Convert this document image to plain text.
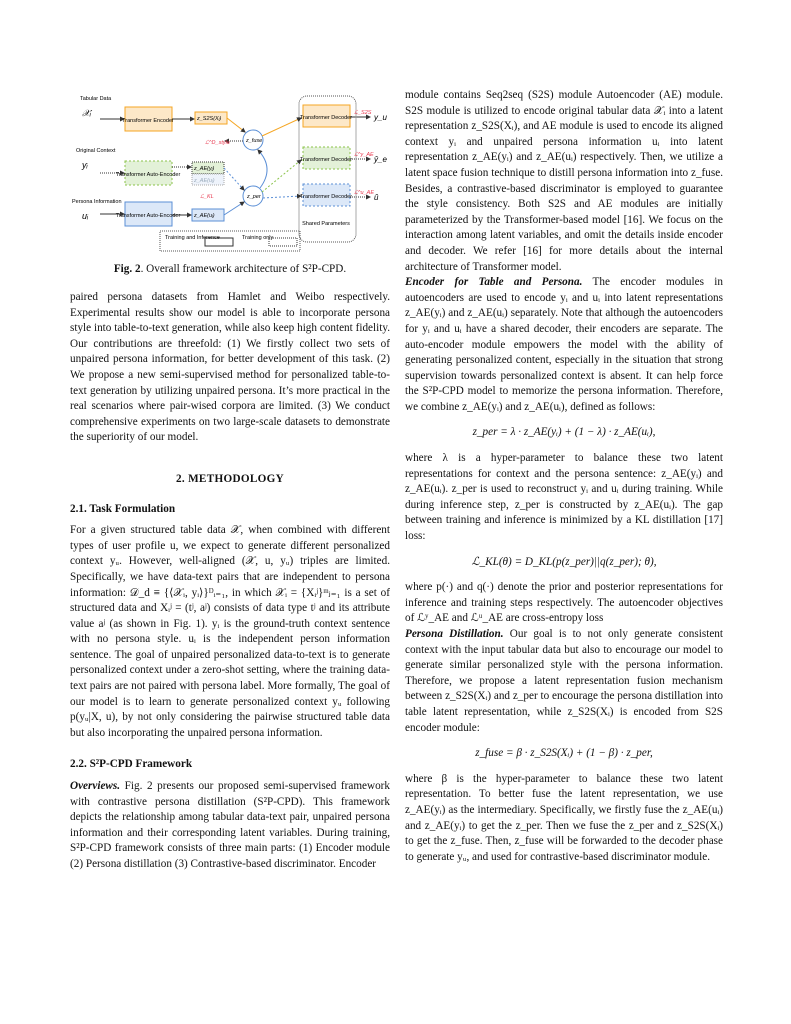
Tabular Data
𝒳ᵢ
Original Context
yᵢ
Persona Information
uᵢ
Transformer Encoder
Transformer Auto-Encoder
Transformer Auto-Encoder
z_S2S(Xᵢ)
z_AE(yᵢ)
z_AE(uᵢ)
z_AE(uᵢ)
z_fuse
z_per
ℒ^D_style
ℒ_KL
Transformer Decoder
Transformer Decoder
Transformer Decoder
Shared Parameters
ℒ_S2S
ℒ^y_AE
ℒ^u_AE
y_u
ŷ_e
û
Training and Inference	Training only
Fig. 2. Overall framework architecture of S²P-CPD.

paired persona datasets from Hamlet and Weibo respectively. Experimental results show our model is able to incorporate persona style into table-to-text generation, while also keep high content fidelity. Our contributions are threefold: (1) We firstly collect two sets of unpaired persona information, for better development of this task. (2) We propose a new semi-supervised method for personalized table-to-text generation by utilizing unpaired persona. It’s more practical in the real scenarios where pair-wised corpora are limited. (3) We conduct comprehensive experiments on two large-scale datasets to demonstrate the superiority of our model.

2. METHODOLOGY
2.1. Task Formulation

For a given structured table data 𝒳, when combined with different types of user profile u, we expect to generate different personalized context yᵤ. However, well-aligned (𝒳, u, yᵤ) triples are limited. Specifically, we have data-text pairs that are independent to persona information: 𝒟_d ≡ {⟨𝒳ᵢ, yᵢ⟩}ᴰᵢ₌₁, in which 𝒳ᵢ = {Xᵢʲ}ᵐⱼ₌₁ is a set of structured data and Xᵢʲ = (tʲ, aʲ) consists of data type tʲ and its attribute value aʲ (as shown in Fig. 1). yᵢ is the ground-truth context sentence with no persona style. uᵢ is the independent person information sentence. The goal of unpaired personalized data-to-text is to generate personalized context under a zero-shot setting, where the training data-text pairs are not paired with persona label. More formally, The goal of our model is to learn to generate personalized context yᵤ following p(yᵤ|X, u), by not only considering the pairwise structured table data but also incorporating the unpaired persona information.

2.2. S²P-CPD Framework

Overviews. Fig. 2 presents our proposed semi-supervised framework with contrastive persona distillation (S²P-CPD). This framework depicts the relationship among tabular data-text pair, unpaired persona information and their corresponding latent variables. During training, S²P-CPD framework consists of three main parts: (1) Encoder module (2) Persona distillation (3) Contrastive-based discriminator. Encoder

module contains Seq2seq (S2S) module Autoencoder (AE) module. S2S module is utilized to encode original tabular data 𝒳ᵢ into a latent representation z_S2S(Xᵢ), and AE module is used to encode its aligned context yᵢ and unpaired persona information uᵢ into latent representation z_AE(yᵢ) and z_AE(uᵢ) respectively. Then, we utilize a latent space fusion technique to distill persona information into z_fuse. Besides, a contrastive-based discriminator is employed to guarantee the style consistency. Both S2S and AE modules are initially parameterized by the Transformer-based model [16]. We focus on the interaction among latent variables, and omit the details inside encoder and decoder. We refer [16] for more details about the internal architecture of Transformer model.

Encoder for Table and Persona. The encoder modules in autoencoders are used to encode yᵢ and uᵢ into latent representations z_AE(yᵢ) and z_AE(uᵢ) separately. Note that although the autoencoders for yᵢ and uᵢ have a shared decoder, their encoders are separate. The auto-encoder module empowers the model with the ability of generating personalized content, especially in the situation that strong supervision towards personalized context is absent. It can help force the S²P-CPD model to memorize the persona information. Therefore, we combine z_AE(yᵢ) and z_AE(uᵢ), defined as follows:

z_per = λ · z_AE(yᵢ) + (1 − λ) · z_AE(uᵢ),

where λ is a hyper-parameter to balance these two latent representations for context and the persona sentence: z_AE(yᵢ) and z_AE(uᵢ). z_per is used to reconstruct yᵢ and uᵢ during training. While during inference step, z_per is constructed by z_AE(uᵢ). The gap between training and inference is minimized by a KL distillation [17] loss:

ℒ_KL(θ) = D_KL(p(z_per)||q(z_per); θ),

where p(·) and q(·) denote the prior and posterior representations for inference and training steps respectively. The autoencoder objectives of ℒʸ_AE and ℒᵘ_AE are cross-entropy loss

Persona Distillation. Our goal is to not only generate consistent context with the input tabular data but also to encourage our model to generate similar personalized style with the persona information. Therefore, we propose a latent representation fusion mechanism between z_S2S(Xᵢ) and z_per to encourage the persona distillation into table latent representation, while z_S2S(Xᵢ) is encoded from S2S encoder module:

z_fuse = β · z_S2S(Xᵢ) + (1 − β) · z_per,

where β is the hyper-parameter to balance these two latent representation. To better fuse the latent representation, we use z_AE(yᵢ) as the intermediary. Specifically, we firstly fuse the z_AE(uᵢ) and z_AE(yᵢ) to get the z_per. Then we fuse the z_per and z_S2S(Xᵢ) to get the z_fuse. Then, z_fuse will be forwarded to the decoder phase to generate yᵤ, and used for contrastive-based discriminator module.
